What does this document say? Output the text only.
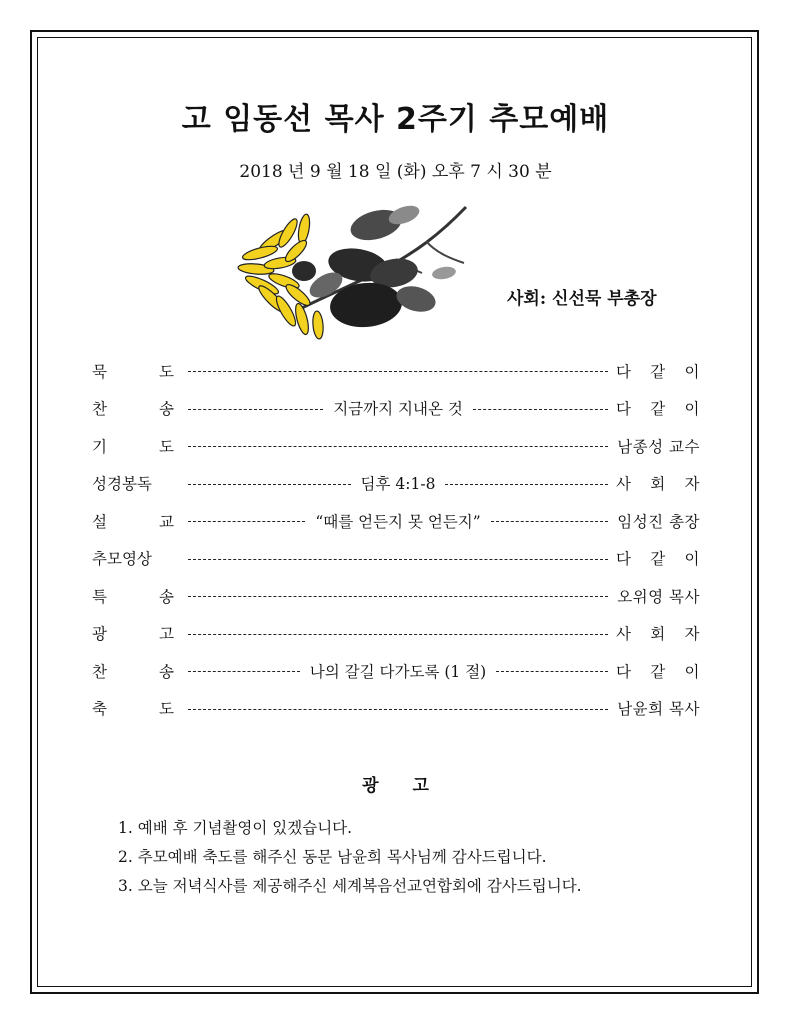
고 임동선 목사 2주기 추모예배

2018 년 9 월 18 일 (화) 오후 7 시 30 분

사회: 신선묵 부총장
묵	도	다 같 이
찬	송	지금까지 지내온 것	다 같 이
기	도	남종성 교수
성경봉독	딤후 4:1-8	사 회 자
설	교	“때를 얻든지 못 얻든지”	임성진 총장
추모영상	다 같 이
특	송	오위영 목사
광	고	사 회 자
찬	송	나의 갈길 다가도록 (1 절)	다 같 이
축	도	남윤희 목사
광 고
1. 예배 후 기념촬영이 있겠습니다.
2. 추모예배 축도를 해주신 동문 남윤희 목사님께 감사드립니다.
3. 오늘 저녁식사를 제공해주신 세계복음선교연합회에 감사드립니다.
